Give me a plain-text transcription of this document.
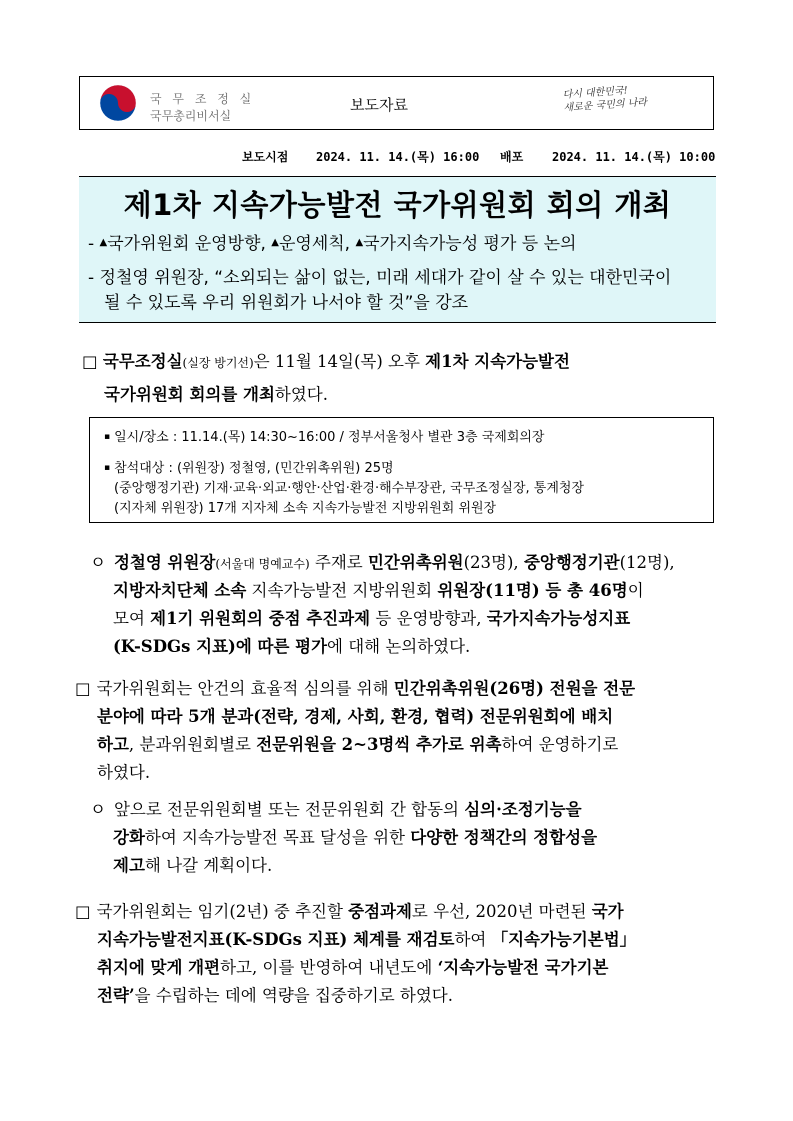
국 무 조 정 실
국무총리비서실
보도자료
다시 대한민국!
새로운 국민의 나라
보도시점 2024. 11. 14.(목) 16:00 배포 2024. 11. 14.(목) 10:00
제1차 지속가능발전 국가위원회 회의 개최
- ▲국가위원회 운영방향, ▲운영세칙, ▲국가지속가능성 평가 등 논의
- 정철영 위원장, “소외되는 삶이 없는, 미래 세대가 같이 살 수 있는 대한민국이
될 수 있도록 우리 위원회가 나서야 할 것”을 강조
□ 국무조정실(실장 방기선)은 11월 14일(목) 오후 제1차 지속가능발전
국가위원회 회의를 개최하였다.
▪ 일시/장소 : 11.14.(목) 14:30~16:00 / 정부서울청사 별관 3층 국제회의장
▪ 참석대상 : (위원장) 정철영, (민간위촉위원) 25명
(중앙행정기관) 기재·교육·외교·행안·산업·환경·해수부장관, 국무조정실장, 통계청장
(지자체 위원장) 17개 지자체 소속 지속가능발전 지방위원회 위원장
ㅇ 정철영 위원장(서울대 명예교수) 주재로 민간위촉위원(23명), 중앙행정기관(12명),
지방자치단체 소속 지속가능발전 지방위원회 위원장(11명) 등 총 46명이
모여 제1기 위원회의 중점 추진과제 등 운영방향과, 국가지속가능성지표
(K-SDGs 지표)에 따른 평가에 대해 논의하였다.
□ 국가위원회는 안건의 효율적 심의를 위해 민간위촉위원(26명) 전원을 전문
분야에 따라 5개 분과(전략, 경제, 사회, 환경, 협력) 전문위원회에 배치
하고, 분과위원회별로 전문위원을 2~3명씩 추가로 위촉하여 운영하기로
하였다.
ㅇ 앞으로 전문위원회별 또는 전문위원회 간 합동의 심의·조정기능을
강화하여 지속가능발전 목표 달성을 위한 다양한 정책간의 정합성을
제고해 나갈 계획이다.
□ 국가위원회는 임기(2년) 중 추진할 중점과제로 우선, 2020년 마련된 국가
지속가능발전지표(K-SDGs 지표) 체계를 재검토하여 「지속가능기본법」
취지에 맞게 개편하고, 이를 반영하여 내년도에 ‘지속가능발전 국가기본
전략’을 수립하는 데에 역량을 집중하기로 하였다.
